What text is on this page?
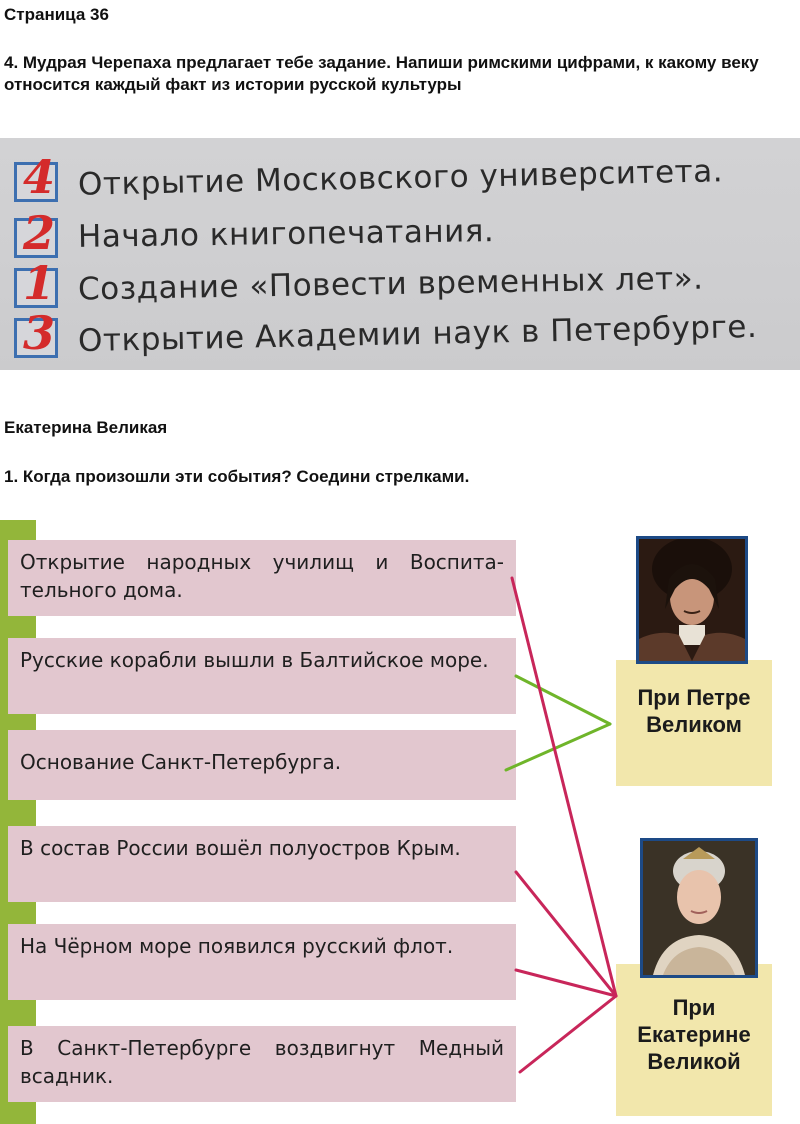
Страница 36
4. Мудрая Черепаха предлагает тебе задание. Напиши римскими цифрами, к какому веку относится каждый факт из истории русской культуры
4 Открытие Московского университета.
2 Начало книгопечатания.
1 Создание «Повести временных лет».
3 Открытие Академии наук в Петербурге.
Екатерина Великая
1. Когда произошли эти события? Соедини стрелками.
Открытие народных училищ и Воспита-тельного дома.
Русские корабли вышли в Балтийское море.
Основание Санкт-Петербурга.
В состав России вошёл полуостров Крым.
На Чёрном море появился русский флот.
В Санкт-Петербурге воздвигнут Медный всадник.
При Петре Великом
При Екатерине Великой
